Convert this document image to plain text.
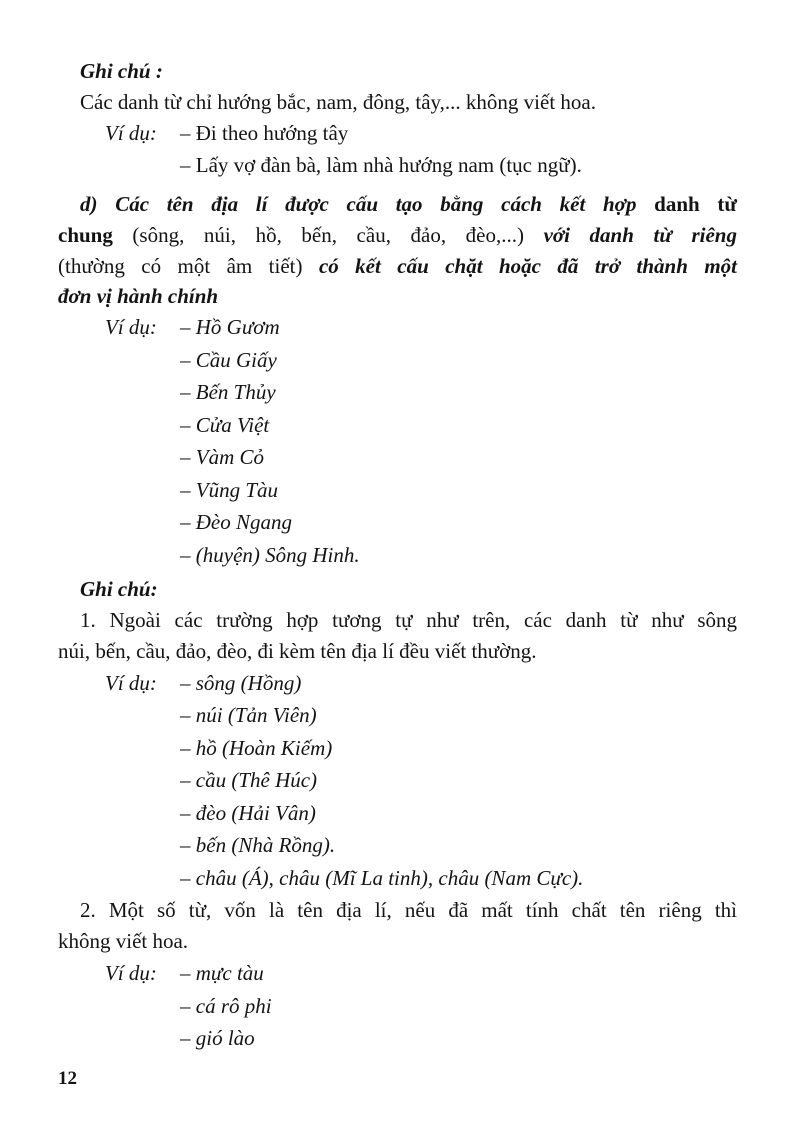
Ghi chú :
Các danh từ chỉ hướng bắc, nam, đông, tây,... không viết hoa.
Ví dụ: – Đi theo hướng tây
– Lấy vợ đàn bà, làm nhà hướng nam (tục ngữ).
d) Các tên địa lí được cấu tạo bằng cách kết hợp danh từ
chung (sông, núi, hồ, bến, cầu, đảo, đèo,...) với danh từ riêng
(thường có một âm tiết) có kết cấu chặt hoặc đã trở thành một
đơn vị hành chính
Ví dụ: – Hồ Gươm
– Cầu Giấy
– Bến Thủy
– Cửa Việt
– Vàm Cỏ
– Vũng Tàu
– Đèo Ngang
– (huyện) Sông Hinh.
Ghi chú:
1. Ngoài các trường hợp tương tự như trên, các danh từ như sông
núi, bến, cầu, đảo, đèo, đi kèm tên địa lí đều viết thường.
Ví dụ: – sông (Hồng)
– núi (Tản Viên)
– hồ (Hoàn Kiếm)
– cầu (Thê Húc)
– đèo (Hải Vân)
– bến (Nhà Rồng).
– châu (Á), châu (Mĩ La tinh), châu (Nam Cực).
2. Một số từ, vốn là tên địa lí, nếu đã mất tính chất tên riêng thì
không viết hoa.
Ví dụ: – mực tàu
– cá rô phi
– gió lào
12
